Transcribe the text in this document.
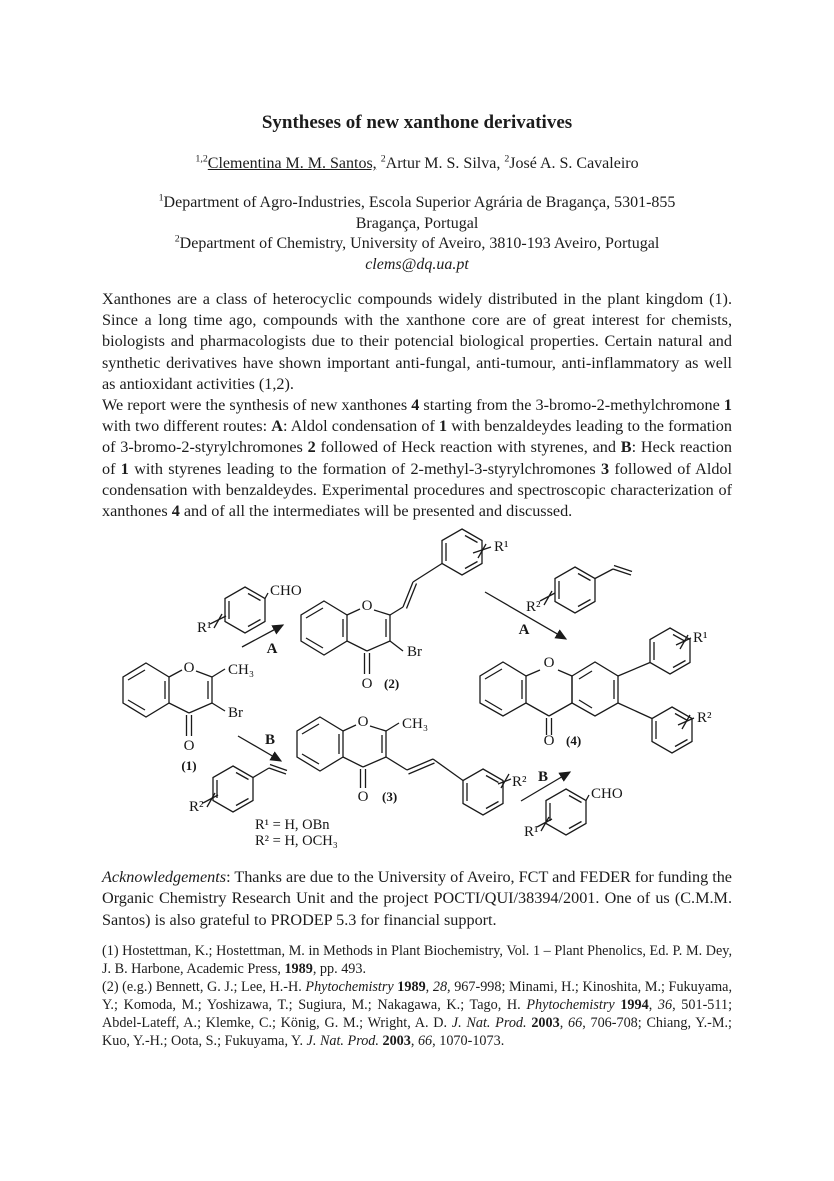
Syntheses of new xanthone derivatives
$^{1,2}$Clementina M. M. Santos, $^2$Artur M. S. Silva, $^2$José A. S. Cavaleiro
$^1$Department of Agro-Industries, Escola Superior Agrária de Bragança, 5301-855
Bragança, Portugal
$^2$Department of Chemistry, University of Aveiro, 3810-193 Aveiro, Portugal
clems@dq.ua.pt

Xanthones are a class of heterocyclic compounds widely distributed in the plant kingdom (1). Since a long time ago, compounds with the xanthone core are of great interest for chemists, biologists and pharmacologists due to their potencial biological properties. Certain natural and synthetic derivatives have shown important anti-fungal, anti-tumour, anti-inflammatory as well as antioxidant activities (1,2).

We report were the synthesis of new xanthones 4 starting from the 3-bromo-2-methylchromone 1 with two different routes: A: Aldol condensation of 1 with benzaldeydes leading to the formation of 3-bromo-2-styrylchromones 2 followed of Heck reaction with styrenes, and B: Heck reaction of 1 with styrenes leading to the formation of 2-methyl-3-styrylchromones 3 followed of Aldol condensation with benzaldeydes. Experimental procedures and spectroscopic characterization of xanthones 4 and of all the intermediates will be presented and discussed.

O CH₃
Br
O
(1)
CHO
R¹
A
O
Br
O (2)
R¹
R²
A
B
R²
O CH₃
O (3)
R²
O
O (4)
R¹
R²
B
CHO
R¹
R¹ = H, OBn
R² = H, OCH₃

Acknowledgements: Thanks are due to the University of Aveiro, FCT and FEDER for funding the Organic Chemistry Research Unit and the project POCTI/QUI/38394/2001. One of us (C.M.M. Santos) is also grateful to PRODEP 5.3 for financial support.

(1) Hostettman, K.; Hostettman, M. in Methods in Plant Biochemistry, Vol. 1 – Plant Phenolics, Ed. P. M. Dey, J. B. Harbone, Academic Press, 1989, pp. 493.

(2) (e.g.) Bennett, G. J.; Lee, H.-H. Phytochemistry 1989, 28, 967-998; Minami, H.; Kinoshita, M.; Fukuyama, Y.; Komoda, M.; Yoshizawa, T.; Sugiura, M.; Nakagawa, K.; Tago, H. Phytochemistry 1994, 36, 501-511; Abdel-Lateff, A.; Klemke, C.; König, G. M.; Wright, A. D. J. Nat. Prod. 2003, 66, 706-708; Chiang, Y.-M.; Kuo, Y.-H.; Oota, S.; Fukuyama, Y. J. Nat. Prod. 2003, 66, 1070-1073.
